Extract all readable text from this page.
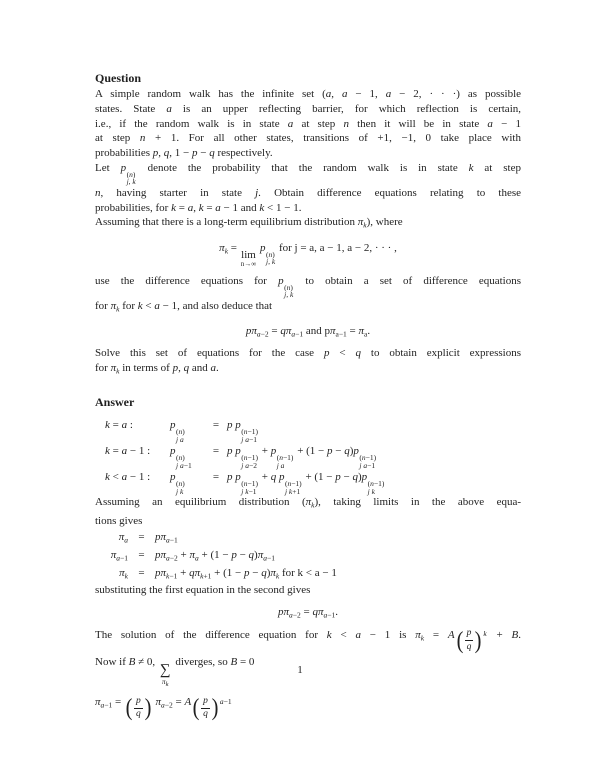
Question
A simple random walk has the infinite set (a, a − 1, a − 2, · · ·) as possible
states. State a is an upper reflecting barrier, for which reflection is certain,
i.e., if the random walk is in state a at step n then it will be in state a − 1
at step n + 1. For all other states, transitions of +1, −1, 0 take place with
probabilities p, q, 1 − p − q respectively.
Let p
(n)
j, k
denote the probability that the random walk is in state k at step
n, having starter in state j. Obtain difference equations relating to these
probabilities, for k = a, k = a − 1 and k < 1 − 1.
Assuming that there is a long-term equilibrium distribution $\pi_k$), where
$\pi_k$ =
lim
n→∞
p
(n)
j, k
for j = a, a − 1, a − 2, · · · ,
use the difference equations for p
(n)
j, k
to obtain a set of difference equations
for $\pi_k$ for k < a − 1, and also deduce that
$p\pi_{a-2} = q\pi_{a-1}$ and $p\pi_{a-1} = \pi_a$.
Solve this set of equations for the case p < q to obtain explicit expressions
for $\pi_k$ in terms of p, q and a.
Answer
k = a :	p
(n)
j a
= p p
(n−1)
j a−1
k = a − 1 :	p
(n)
j a−1
= p p
(n−1)
j a−2
+ p
(n−1)
j a
+ (1 − p − q)p
(n−1)
j a−1
k < a − 1 :	p
(n)
j k
= p p
(n−1)
j k−1
+ q p
(n−1)
j k+1
+ (1 − p − q)p
(n−1)
j k
Assuming an equilibrium distribution $(\pi_k)$, taking limits in the above equa-
tions gives
$\pi_a = p\pi_{a-1}$
$\pi_{a-1} = p\pi_{a-2} + \pi_a + (1 - p - q)\pi_{a-1}$
$\pi_k = p\pi_{k-1} + q\pi_{k+1} + (1 - p - q)\pi_k$ for k < a − 1
substituting the first equation in the second gives
$p\pi_{a-2} = q\pi_{a-1}$.
The solution of the difference equation for k < a − 1 is $\pi_k = A$ ( $\frac{p}{q}$ ) k + B.
Now if B ≠ 0, ∑
πk
diverges, so B = 0
$\pi_{a-1}$ = ( $\frac{p}{q}$ ) $\pi_{a-2} = A$ ( $\frac{p}{q}$ ) a−1
1
